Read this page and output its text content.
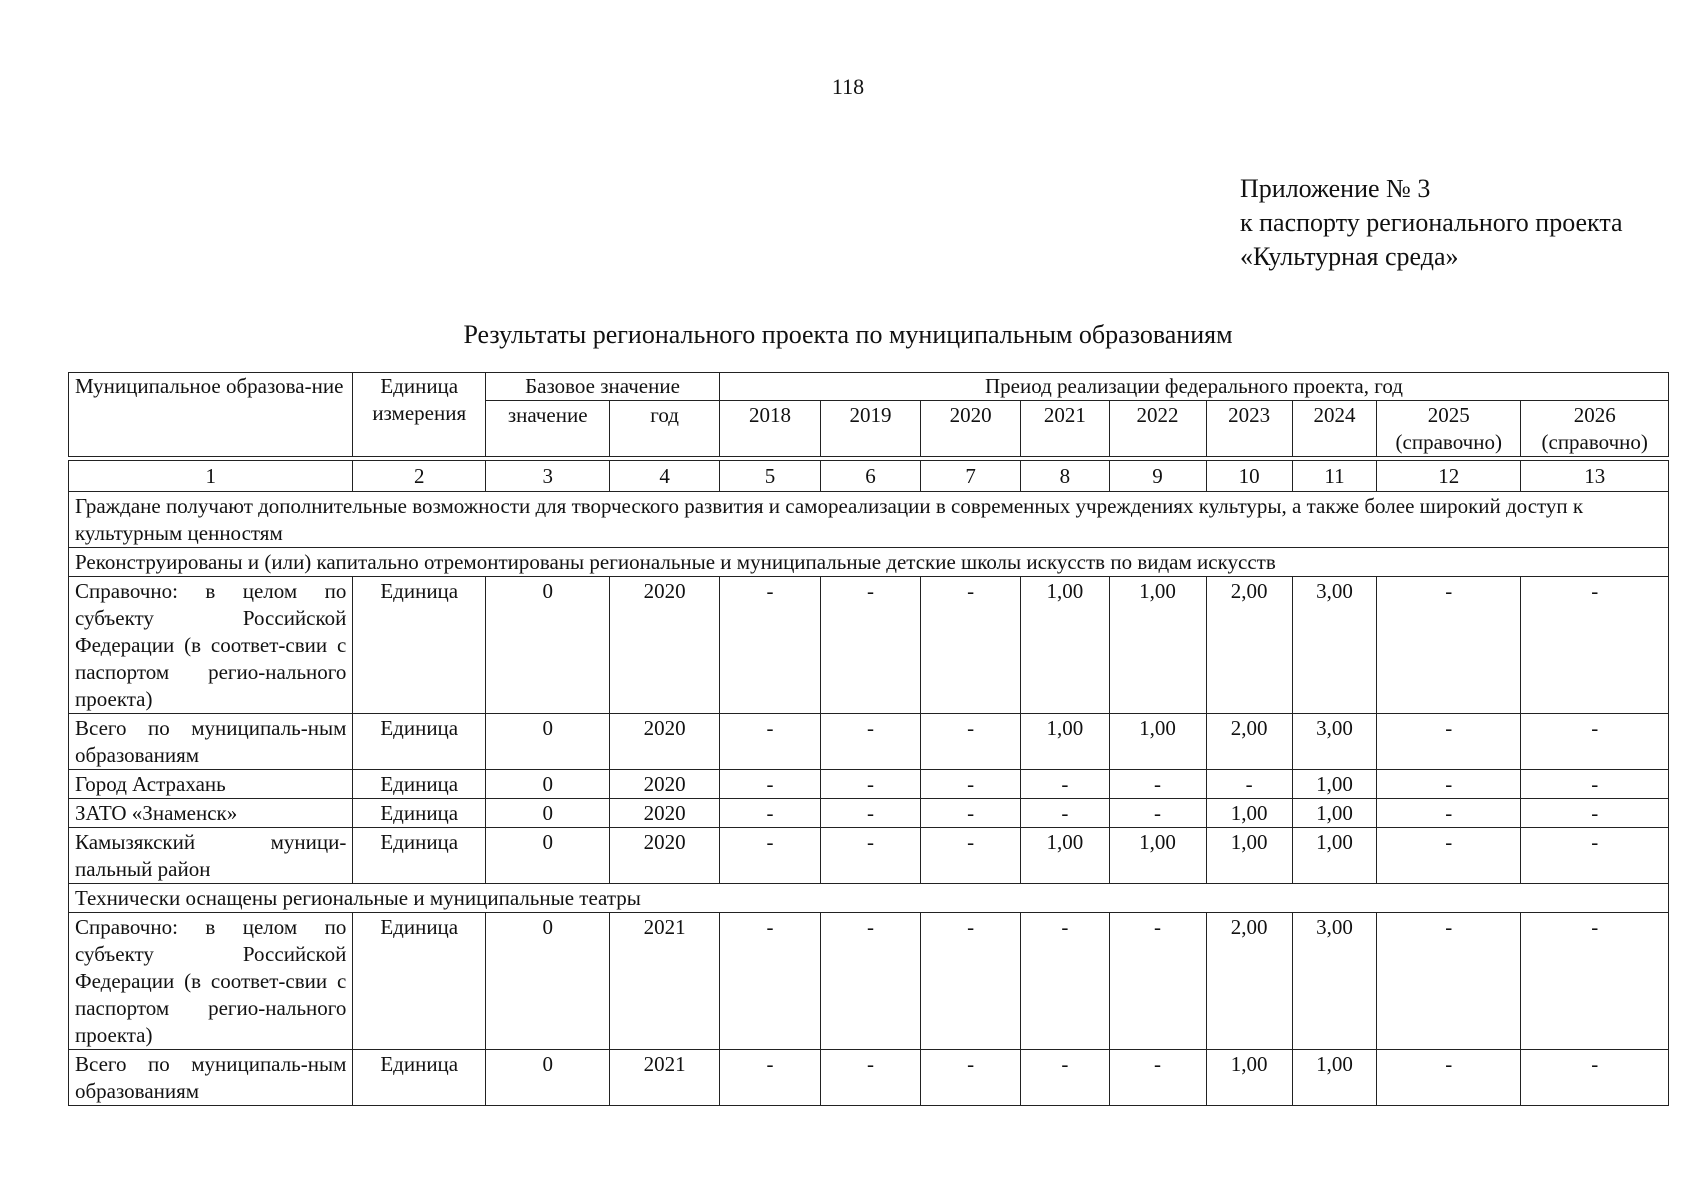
118
Приложение № 3
к паспорту регионального проекта
«Культурная среда»
Результаты регионального проекта по муниципальным образованиям
Муниципальное образова-ние	Единица измерения	Базовое значение		Преиод реализации федерального проекта, год								
		значение	год	2018	2019	2020	2021	2022	2023	2024	2025 (справочно)	2026 (справочно)

1	2	3	4	5	6	7	8	9	10	11	12	13
Граждане получают дополнительные возможности для творческого развития и самореализации в современных учреждениях культуры, а также более широкий доступ к культурным ценностям												
Реконструированы и (или) капитально отремонтированы региональные и муниципальные детские школы искусств по видам искусств												
Справочно: в целом по субъекту Российской Федерации (в соответ-свии с паспортом регио-нального проекта)	Единица	0	2020	-	-	-	1,00	1,00	2,00	3,00	-	-
Всего по муниципаль-ным образованиям	Единица	0	2020	-	-	-	1,00	1,00	2,00	3,00	-	-
Город Астрахань	Единица	0	2020	-	-	-	-	-	-	1,00	-	-
ЗАТО «Знаменск»	Единица	0	2020	-	-	-	-	-	1,00	1,00	-	-
Камызякский муници-пальный район	Единица	0	2020	-	-	-	1,00	1,00	1,00	1,00	-	-
Технически оснащены региональные и муниципальные театры												
Справочно: в целом по субъекту Российской Федерации (в соответ-свии с паспортом регио-нального проекта)	Единица	0	2021	-	-	-	-	-	2,00	3,00	-	-
Всего по муниципаль-ным образованиям	Единица	0	2021	-	-	-	-	-	1,00	1,00	-	-
